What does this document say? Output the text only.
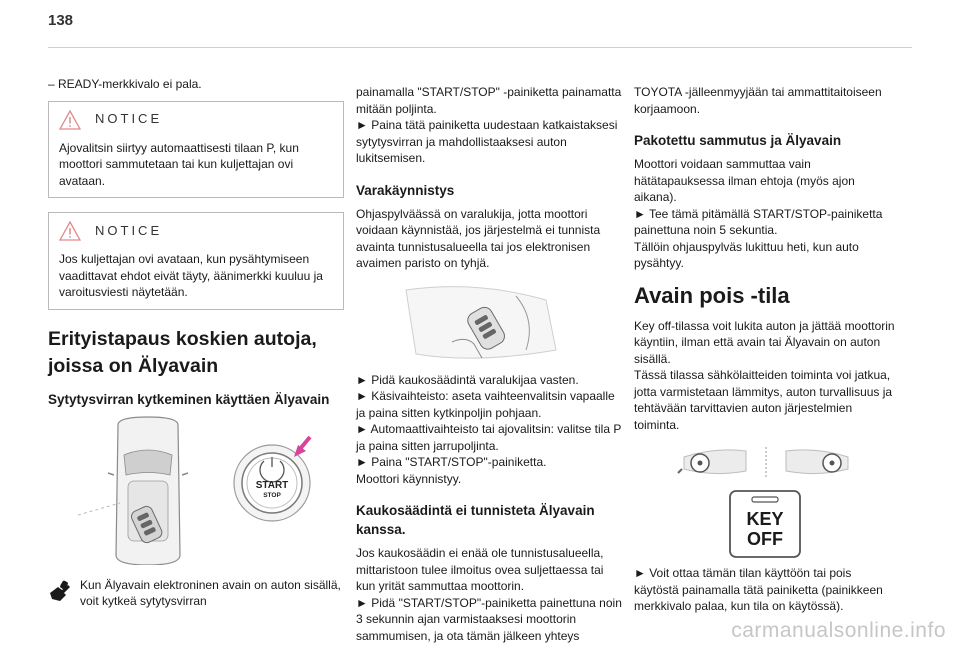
138

– READY-merkkivalo ei pala.

NOTICE
Ajovalitsin siirtyy automaattisesti tilaan P, kun moottori sammutetaan tai kun kuljettajan ovi avataan.
NOTICE
Jos kuljettajan ovi avataan, kun pysähtymiseen vaadittavat ehdot eivät täyty, äänimerkki kuuluu ja varoitusviesti näytetään.
Erityistapaus koskien autoja, joissa on Älyavain
Sytytysvirran kytkeminen käyttäen Älyavain
START
STOP
Kun Älyavain elektroninen avain on auton sisällä, voit kytkeä sytytysvirran

painamalla "START/STOP" -painiketta painamatta mitään poljinta.

► Paina tätä painiketta uudestaan katkaistaksesi sytytysvirran ja mahdollistaaksesi auton lukitsemisen.

Varakäynnistys

Ohjaspylväässä on varalukija, jotta moottori voidaan käynnistää, jos järjestelmä ei tunnista avainta tunnistusalueella tai jos elektronisen avaimen paristo on tyhjä.

► Pidä kaukosäädintä varalukijaa vasten.
► Käsivaihteisto: aseta vaihteenvalitsin vapaalle ja paina sitten kytkinpoljin pohjaan.
► Automaattivaihteisto tai ajovalitsin: valitse tila P ja paina sitten jarrupoljinta.
► Paina "START/STOP"-painiketta.
Moottori käynnistyy.

Kaukosäädintä ei tunnisteta Älyavain kanssa.

Jos kaukosäädin ei enää ole tunnistusalueella, mittaristoon tulee ilmoitus ovea suljettaessa tai kun yrität sammuttaa moottorin.
► Pidä "START/STOP"-painiketta painettuna noin 3 sekunnin ajan varmistaaksesi moottorin sammumisen, ja ota tämän jälkeen yhteys

TOYOTA -jälleenmyyjään tai ammattitaitoiseen korjaamoon.

Pakotettu sammutus ja Älyavain

Moottori voidaan sammuttaa vain hätätapauksessa ilman ehtoja (myös ajon aikana).
► Tee tämä pitämällä START/STOP-painiketta painettuna noin 5 sekuntia.
Tällöin ohjauspylväs lukittuu heti, kun auto pysähtyy.

Avain pois -tila

Key off-tilassa voit lukita auton ja jättää moottorin käyntiin, ilman että avain tai Älyavain on auton sisällä.
Tässä tilassa sähkölaitteiden toiminta voi jatkua, jotta varmistetaan lämmitys, auton turvallisuus ja tehtävään tarvittavien auton järjestelmien toiminta.

KEY
OFF

► Voit ottaa tämän tilan käyttöön tai pois käytöstä painamalla tätä painiketta (painikkeen merkkivalo palaa, kun tila on käytössä).

carmanualsonline.info
